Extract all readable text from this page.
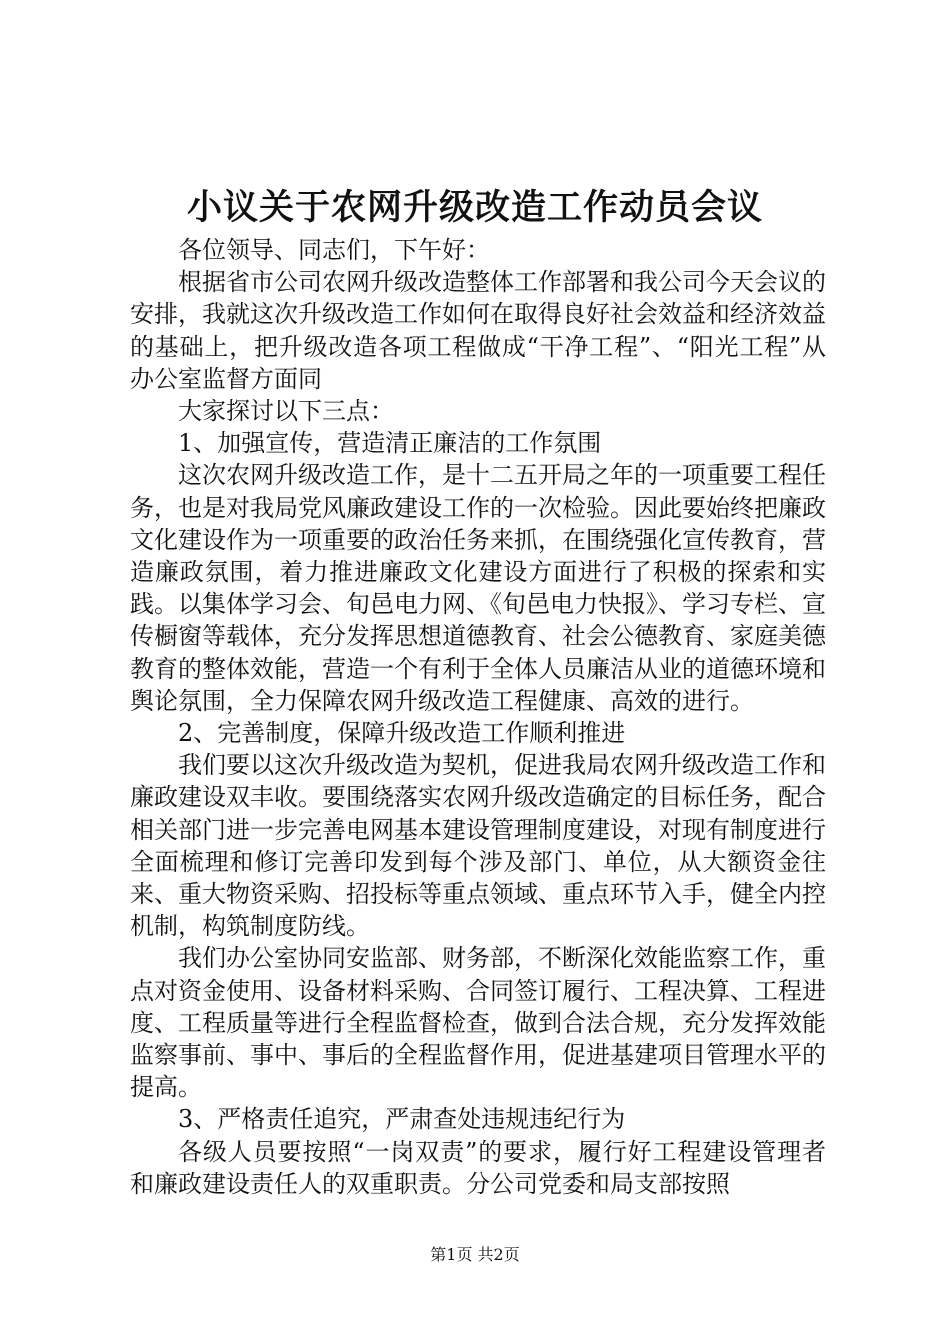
小议关于农网升级改造工作动员会议

各位领导、同志们，下午好：

根据省市公司农网升级改造整体工作部署和我公司今天会议的安排，我就这次升级改造工作如何在取得良好社会效益和经济效益的基础上，把升级改造各项工程做成“干净工程”、“阳光工程”从办公室监督方面同

大家探讨以下三点：

1、加强宣传，营造清正廉洁的工作氛围

这次农网升级改造工作，是十二五开局之年的一项重要工程任务，也是对我局党风廉政建设工作的一次检验。因此要始终把廉政文化建设作为一项重要的政治任务来抓，在围绕强化宣传教育，营造廉政氛围，着力推进廉政文化建设方面进行了积极的探索和实践。以集体学习会、旬邑电力网、《旬邑电力快报》、学习专栏、宣传橱窗等载体，充分发挥思想道德教育、社会公德教育、家庭美德教育的整体效能，营造一个有利于全体人员廉洁从业的道德环境和舆论氛围，全力保障农网升级改造工程健康、高效的进行。

2、完善制度，保障升级改造工作顺利推进

我们要以这次升级改造为契机，促进我局农网升级改造工作和廉政建设双丰收。要围绕落实农网升级改造确定的目标任务，配合相关部门进一步完善电网基本建设管理制度建设，对现有制度进行全面梳理和修订完善印发到每个涉及部门、单位，从大额资金往来、重大物资采购、招投标等重点领域、重点环节入手，健全内控机制，构筑制度防线。

我们办公室协同安监部、财务部，不断深化效能监察工作，重点对资金使用、设备材料采购、合同签订履行、工程决算、工程进度、工程质量等进行全程监督检查，做到合法合规，充分发挥效能监察事前、事中、事后的全程监督作用，促进基建项目管理水平的提高。

3、严格责任追究，严肃查处违规违纪行为

各级人员要按照“一岗双责”的要求，履行好工程建设管理者和廉政建设责任人的双重职责。分公司党委和局支部按照

第1页 共2页
